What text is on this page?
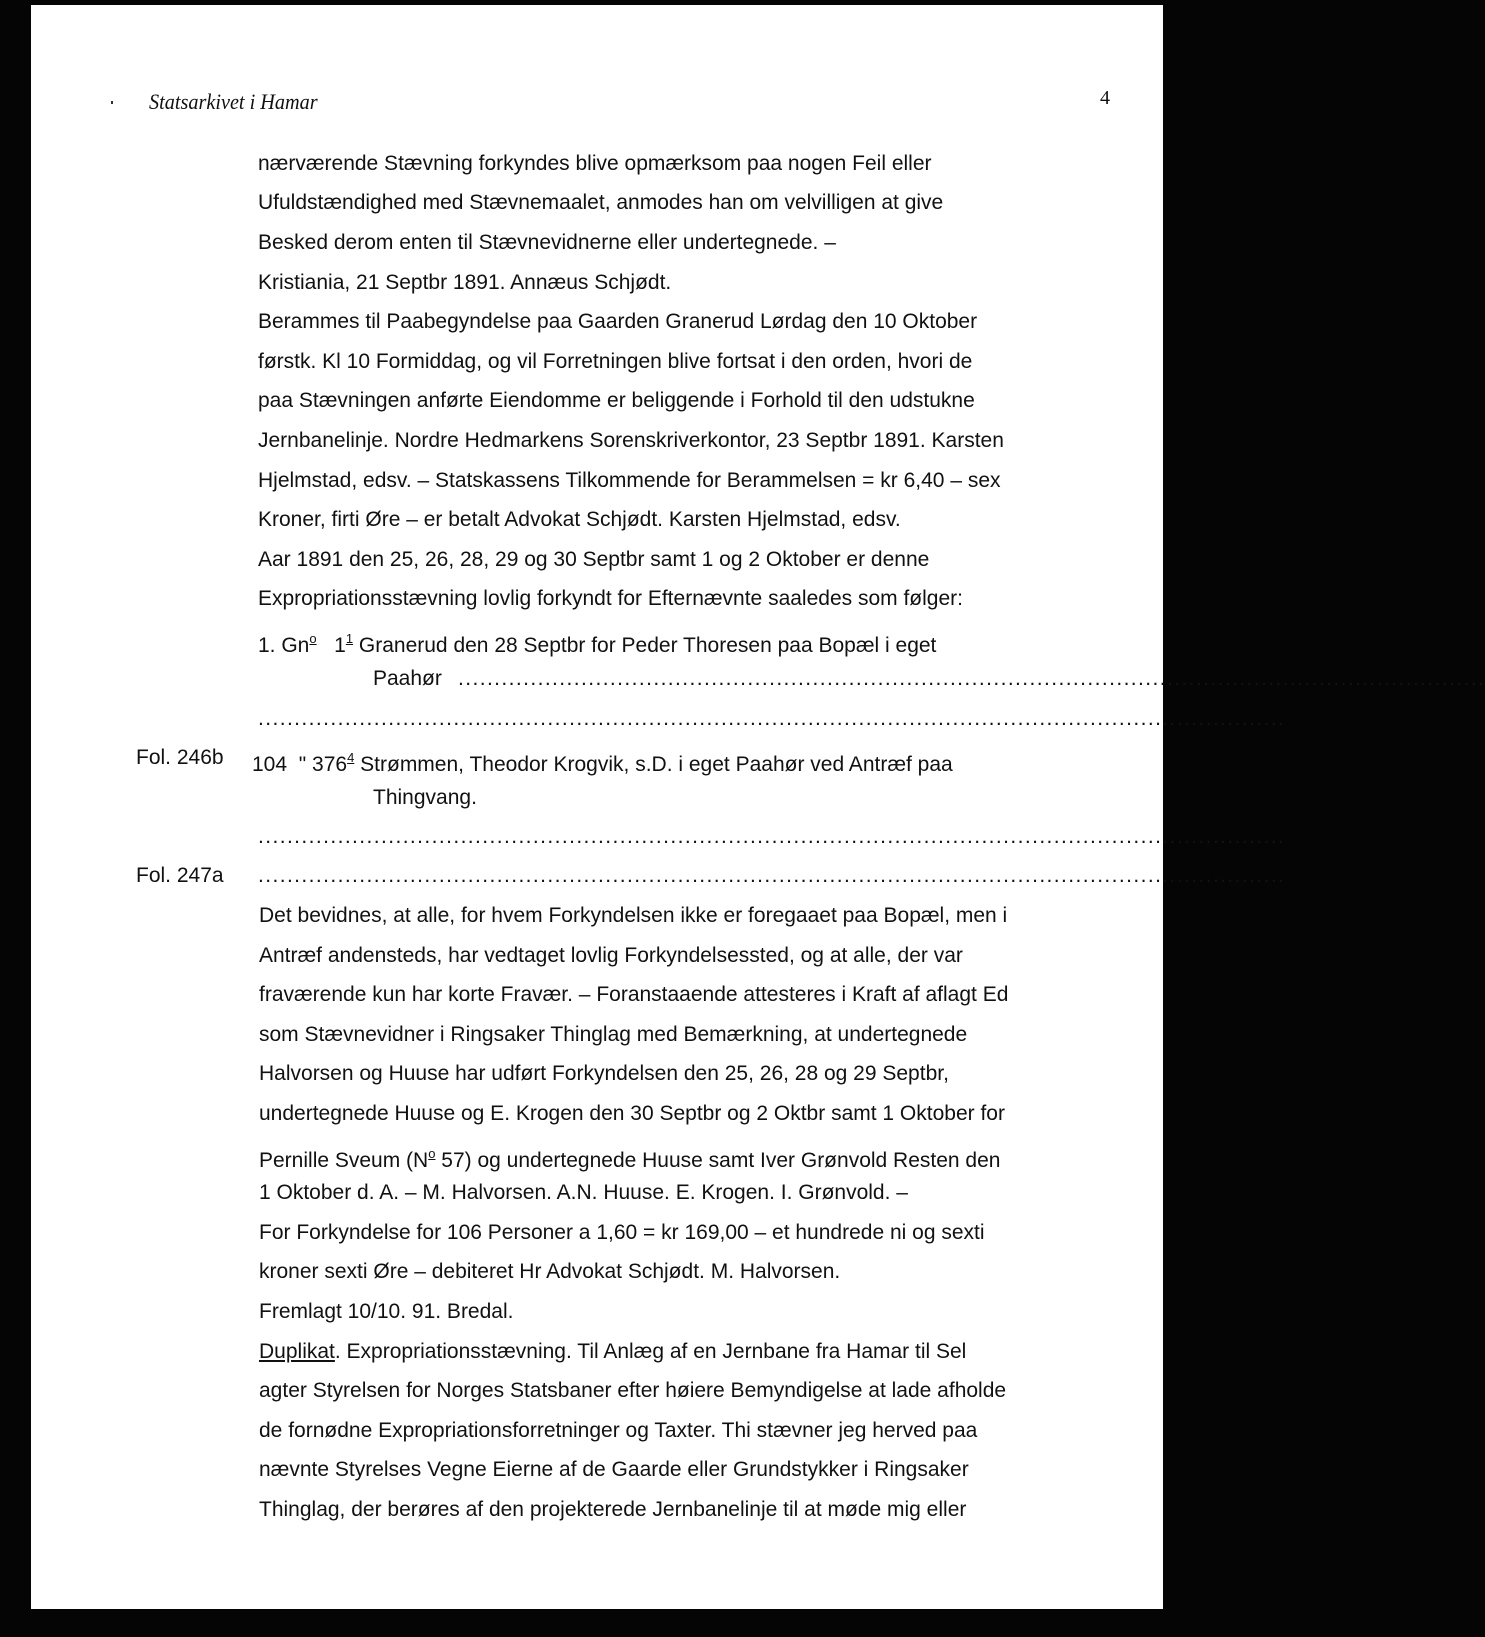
Statsarkivet i Hamar	4
nærværende Stævning forkyndes blive opmærksom paa nogen Feil eller
Ufuldstændighed med Stævnemaalet, anmodes han om velvilligen at give
Besked derom enten til Stævnevidnerne eller undertegnede. –
Kristiania, 21 Septbr 1891. Annæus Schjødt.
Berammes til Paabegyndelse paa Gaarden Granerud Lørdag den 10 Oktober
førstk. Kl 10 Formiddag, og vil Forretningen blive fortsat i den orden, hvori de
paa Stævningen anførte Eiendomme er beliggende i Forhold til den udstukne
Jernbanelinje. Nordre Hedmarkens Sorenskriverkontor, 23 Septbr 1891. Karsten
Hjelmstad, edsv. – Statskassens Tilkommende for Berammelsen = kr 6,40 – sex
Kroner, firti Øre – er betalt Advokat Schjødt. Karsten Hjelmstad, edsv.
Aar 1891 den 25, 26, 28, 29 og 30 Septbr samt 1 og 2 Oktober er denne
Expropriationsstævning lovlig forkyndt for Efternævnte saaledes som følger:
1. Gn$^o$ $1^1$ Granerud den 28 Septbr for Peder Thoresen paa Bopæl i eget
Paahør ..............................................................................................................................................
..............................................................................................................................................
Fol. 246b 104 " $376^4$ Strømmen, Theodor Krogvik, s.D. i eget Paahør ved Antræf paa
Thingvang.
..............................................................................................................................................
Fol. 247a ..............................................................................................................................................
Det bevidnes, at alle, for hvem Forkyndelsen ikke er foregaaet paa Bopæl, men i
Antræf andensteds, har vedtaget lovlig Forkyndelsessted, og at alle, der var
fraværende kun har korte Fravær. – Foranstaaende attesteres i Kraft af aflagt Ed
som Stævnevidner i Ringsaker Thinglag med Bemærkning, at undertegnede
Halvorsen og Huuse har udført Forkyndelsen den 25, 26, 28 og 29 Septbr,
undertegnede Huuse og E. Krogen den 30 Septbr og 2 Oktbr samt 1 Oktober for
Pernille Sveum ($N^o$ 57) og undertegnede Huuse samt Iver Grønvold Resten den
1 Oktober d. A. – M. Halvorsen. A.N. Huuse. E. Krogen. I. Grønvold. –
For Forkyndelse for 106 Personer a 1,60 = kr 169,00 – et hundrede ni og sexti
kroner sexti Øre – debiteret Hr Advokat Schjødt. M. Halvorsen.
Fremlagt 10/10. 91. Bredal.
Duplikat. Expropriationsstævning. Til Anlæg af en Jernbane fra Hamar til Sel
agter Styrelsen for Norges Statsbaner efter høiere Bemyndigelse at lade afholde
de fornødne Expropriationsforretninger og Taxter. Thi stævner jeg herved paa
nævnte Styrelses Vegne Eierne af de Gaarde eller Grundstykker i Ringsaker
Thinglag, der berøres af den projekterede Jernbanelinje til at møde mig eller
